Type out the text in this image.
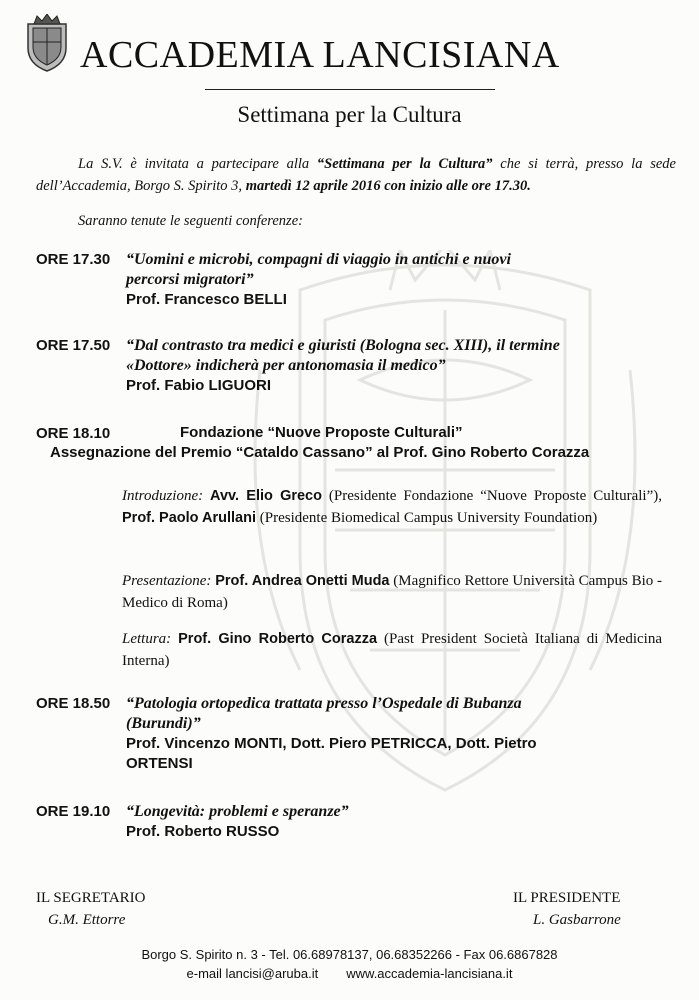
ACCADEMIA LANCISIANA
Settimana per la Cultura
La S.V. è invitata a partecipare alla “Settimana per la Cultura” che si terrà, presso la sede dell’Accademia, Borgo S. Spirito 3, martedì 12 aprile 2016 con inizio alle ore 17.30.
Saranno tenute le seguenti conferenze:
ORE 17.30 “Uomini e microbi, compagni di viaggio in antichi e nuovi
percorsi migratori”
Prof. Francesco BELLI
ORE 17.50 “Dal contrasto tra medici e giuristi (Bologna sec. XIII), il termine
«Dottore» indicherà per antonomasia il medico”
Prof. Fabio LIGUORI
ORE 18.10	Fondazione “Nuove Proposte Culturali”
Assegnazione del Premio “Cataldo Cassano” al Prof. Gino Roberto Corazza
Introduzione: Avv. Elio Greco (Presidente Fondazione “Nuove Proposte Culturali”), Prof. Paolo Arullani (Presidente Biomedical Campus University Foundation)
Presentazione: Prof. Andrea Onetti Muda (Magnifico Rettore Università Campus Bio - Medico di Roma)
Lettura: Prof. Gino Roberto Corazza (Past President Società Italiana di Medicina Interna)
ORE 18.50 “Patologia ortopedica trattata presso l’Ospedale di Bubanza
(Burundi)”
Prof. Vincenzo MONTI, Dott. Piero PETRICCA, Dott. Pietro
ORTENSI
ORE 19.10 “Longevità: problemi e speranze”
Prof. Roberto RUSSO
IL SEGRETARIO
G.M. Ettorre
IL PRESIDENTE
L. Gasbarrone
Borgo S. Spirito n. 3 - Tel. 06.68978137, 06.68352266 - Fax 06.6867828
e-mail lancisi@aruba.it www.accademia-lancisiana.it
